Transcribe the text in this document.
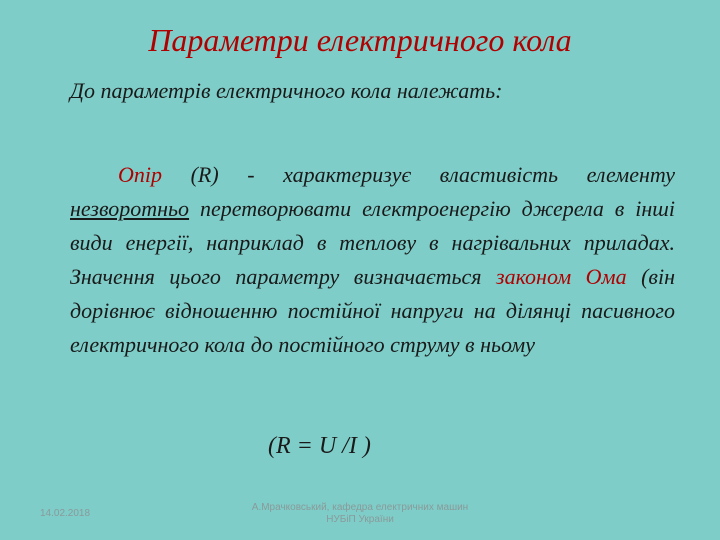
Параметри електричного кола
До параметрів електричного кола належать:
Опір (R) - характеризує властивість елементу незворотньо перетворювати електроенергію джерела в інші види енергії, наприклад в теплову в нагрівальних приладах. Значення цього параметру визначається законом Ома (він дорівнює відношенню постійної напруги на ділянці пасивного електричного кола до постійного струму в ньому
(R = U /I )
14.02.2018
А.Мрачковський, кафедра електричних машин НУБіП України
